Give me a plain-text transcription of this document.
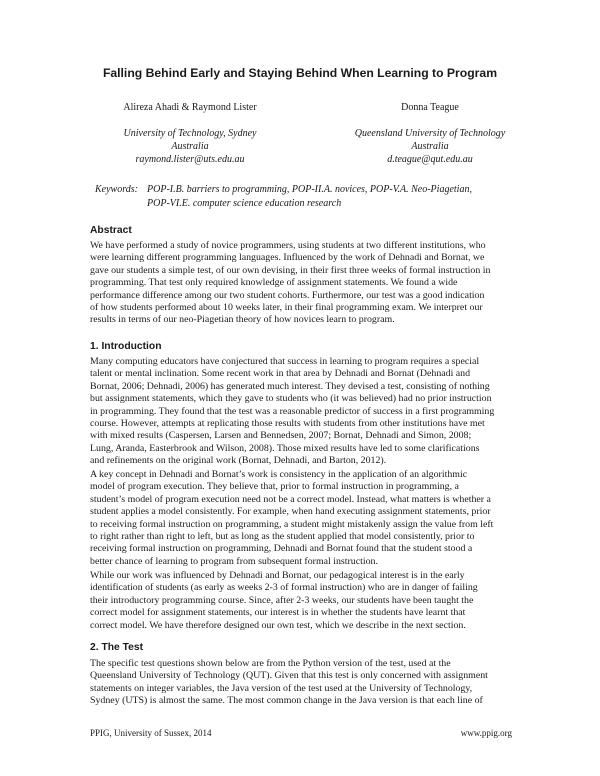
Falling Behind Early and Staying Behind When Learning to Program
Alireza Ahadi & Raymond Lister
University of Technology, Sydney
Australia
raymond.lister@uts.edu.au
Donna Teague
Queensland University of Technology
Australia
d.teague@qut.edu.au
Keywords: POP-I.B. barriers to programming, POP-II.A. novices, POP-V.A. Neo-Piagetian,
POP-VI.E. computer science education research
Abstract
We have performed a study of novice programmers, using students at two different institutions, who
were learning different programming languages. Influenced by the work of Dehnadi and Bornat, we
gave our students a simple test, of our own devising, in their first three weeks of formal instruction in
programming. That test only required knowledge of assignment statements. We found a wide
performance difference among our two student cohorts. Furthermore, our test was a good indication
of how students performed about 10 weeks later, in their final programming exam. We interpret our
results in terms of our neo-Piagetian theory of how novices learn to program.
1. Introduction
Many computing educators have conjectured that success in learning to program requires a special
talent or mental inclination. Some recent work in that area by Dehnadi and Bornat (Dehnadi and
Bornat, 2006; Dehnadi, 2006) has generated much interest. They devised a test, consisting of nothing
but assignment statements, which they gave to students who (it was believed) had no prior instruction
in programming. They found that the test was a reasonable predictor of success in a first programming
course. However, attempts at replicating those results with students from other institutions have met
with mixed results (Caspersen, Larsen and Bennedsen, 2007; Bornat, Dehnadi and Simon, 2008;
Lung, Aranda, Easterbrook and Wilson, 2008). Those mixed results have led to some clarifications
and refinements on the original work (Bornat, Dehnadi, and Barton, 2012).
A key concept in Dehnadi and Bornat’s work is consistency in the application of an algorithmic
model of program execution. They believe that, prior to formal instruction in programming, a
student’s model of program execution need not be a correct model. Instead, what matters is whether a
student applies a model consistently. For example, when hand executing assignment statements, prior
to receiving formal instruction on programming, a student might mistakenly assign the value from left
to right rather than right to left, but as long as the student applied that model consistently, prior to
receiving formal instruction on programming, Dehnadi and Bornat found that the student stood a
better chance of learning to program from subsequent formal instruction.
While our work was influenced by Dehnadi and Bornat, our pedagogical interest is in the early
identification of students (as early as weeks 2-3 of formal instruction) who are in danger of failing
their introductory programming course. Since, after 2-3 weeks, our students have been taught the
correct model for assignment statements, our interest is in whether the students have learnt that
correct model. We have therefore designed our own test, which we describe in the next section.
2. The Test
The specific test questions shown below are from the Python version of the test, used at the
Queensland University of Technology (QUT). Given that this test is only concerned with assignment
statements on integer variables, the Java version of the test used at the University of Technology,
Sydney (UTS) is almost the same. The most common change in the Java version is that each line of
PPIG, University of Sussex, 2014	www.ppig.org
